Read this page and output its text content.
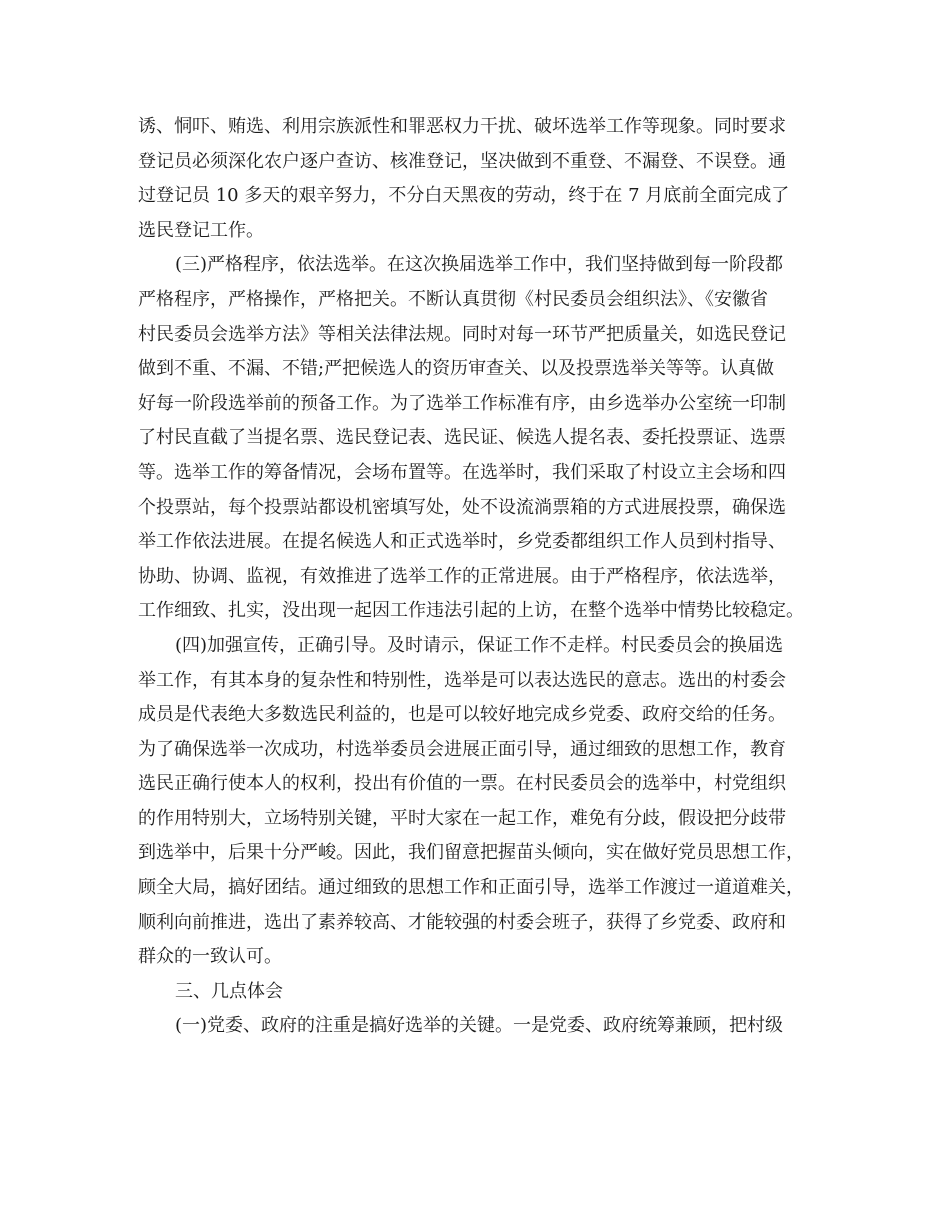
诱、恫吓、贿选、利用宗族派性和罪恶权力干扰、破坏选举工作等现象。同时要求
登记员必须深化农户逐户查访、核准登记，坚决做到不重登、不漏登、不误登。通
过登记员 10 多天的艰辛努力，不分白天黑夜的劳动，终于在 7 月底前全面完成了
选民登记工作。
(三)严格程序，依法选举。在这次换届选举工作中，我们坚持做到每一阶段都
严格程序，严格操作，严格把关。不断认真贯彻《村民委员会组织法》、《安徽省
村民委员会选举方法》等相关法律法规。同时对每一环节严把质量关，如选民登记
做到不重、不漏、不错;严把候选人的资历审查关、以及投票选举关等等。认真做
好每一阶段选举前的预备工作。为了选举工作标准有序，由乡选举办公室统一印制
了村民直截了当提名票、选民登记表、选民证、候选人提名表、委托投票证、选票
等。选举工作的筹备情况，会场布置等。在选举时，我们采取了村设立主会场和四
个投票站，每个投票站都设机密填写处，处不设流淌票箱的方式进展投票，确保选
举工作依法进展。在提名候选人和正式选举时，乡党委都组织工作人员到村指导、
协助、协调、监视，有效推进了选举工作的正常进展。由于严格程序，依法选举，
工作细致、扎实，没出现一起因工作违法引起的上访，在整个选举中情势比较稳定。
(四)加强宣传，正确引导。及时请示，保证工作不走样。村民委员会的换届选
举工作，有其本身的复杂性和特别性，选举是可以表达选民的意志。选出的村委会
成员是代表绝大多数选民利益的，也是可以较好地完成乡党委、政府交给的任务。
为了确保选举一次成功，村选举委员会进展正面引导，通过细致的思想工作，教育
选民正确行使本人的权利，投出有价值的一票。在村民委员会的选举中，村党组织
的作用特别大，立场特别关键，平时大家在一起工作，难免有分歧，假设把分歧带
到选举中，后果十分严峻。因此，我们留意把握苗头倾向，实在做好党员思想工作，
顾全大局，搞好团结。通过细致的思想工作和正面引导，选举工作渡过一道道难关，
顺利向前推进，选出了素养较高、才能较强的村委会班子，获得了乡党委、政府和
群众的一致认可。
三、几点体会
(一)党委、政府的注重是搞好选举的关键。一是党委、政府统筹兼顾，把村级
